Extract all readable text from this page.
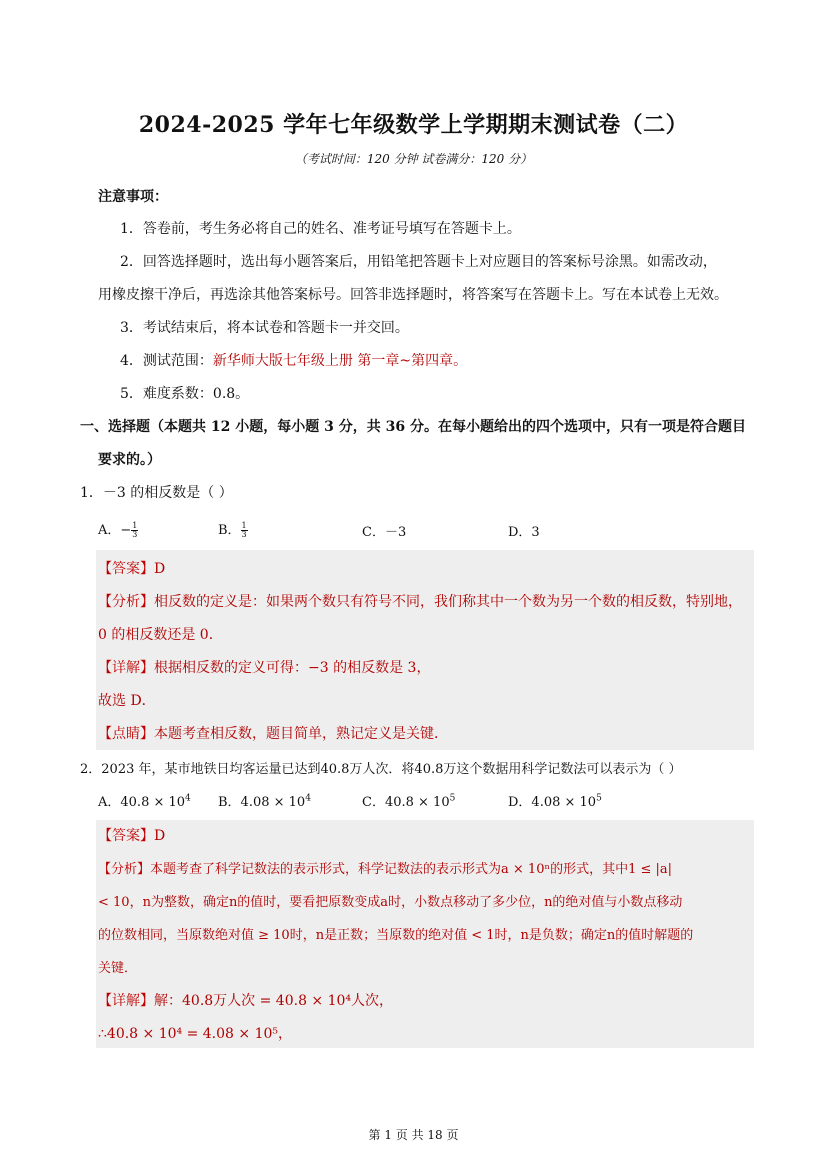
2024-2025 学年七年级数学上学期期末测试卷（二）
（考试时间：120 分钟 试卷满分：120 分）
注意事项：
1．答卷前，考生务必将自己的姓名、准考证号填写在答题卡上。
2．回答选择题时，选出每小题答案后，用铅笔把答题卡上对应题目的答案标号涂黑。如需改动，
用橡皮擦干净后，再选涂其他答案标号。回答非选择题时，将答案写在答题卡上。写在本试卷上无效。
3．考试结束后，将本试卷和答题卡一并交回。
4．测试范围：新华师大版七年级上册 第一章~第四章。
5．难度系数：0.8。
一、选择题（本题共 12 小题，每小题 3 分，共 36 分。在每小题给出的四个选项中，只有一项是符合题目
要求的。）
1．－3 的相反数是（ ）
A．− $\frac{1}{3}$	B． $\frac{1}{3}$	C．－3	D．3
【答案】D
【分析】相反数的定义是：如果两个数只有符号不同，我们称其中一个数为另一个数的相反数，特别地，
0 的相反数还是 0．
【详解】根据相反数的定义可得：−3 的相反数是 3，
故选 D．
【点睛】本题考查相反数，题目简单，熟记定义是关键．
2．2023 年，某市地铁日均客运量已达到40.8万人次．将40.8万这个数据用科学记数法可以表示为（ ）
A．$40.8 \times 10^4$ B．$4.08 \times 10^4$	C．$40.8 \times 10^5$	D．$4.08 \times 10^5$
【答案】D
【分析】本题考查了科学记数法的表示形式，科学记数法的表示形式为a × 10ⁿ的形式，其中1 ≤ |a|
< 10，n为整数，确定n的值时，要看把原数变成a时，小数点移动了多少位，n的绝对值与小数点移动
的位数相同，当原数绝对值 ≥ 10时，n是正数；当原数的绝对值 < 1时，n是负数；确定n的值时解题的
关键．
【详解】解：40.8万人次 = 40.8 × 10⁴人次，
∴40.8 × 10⁴ = 4.08 × 10⁵，
第 1 页 共 18 页
